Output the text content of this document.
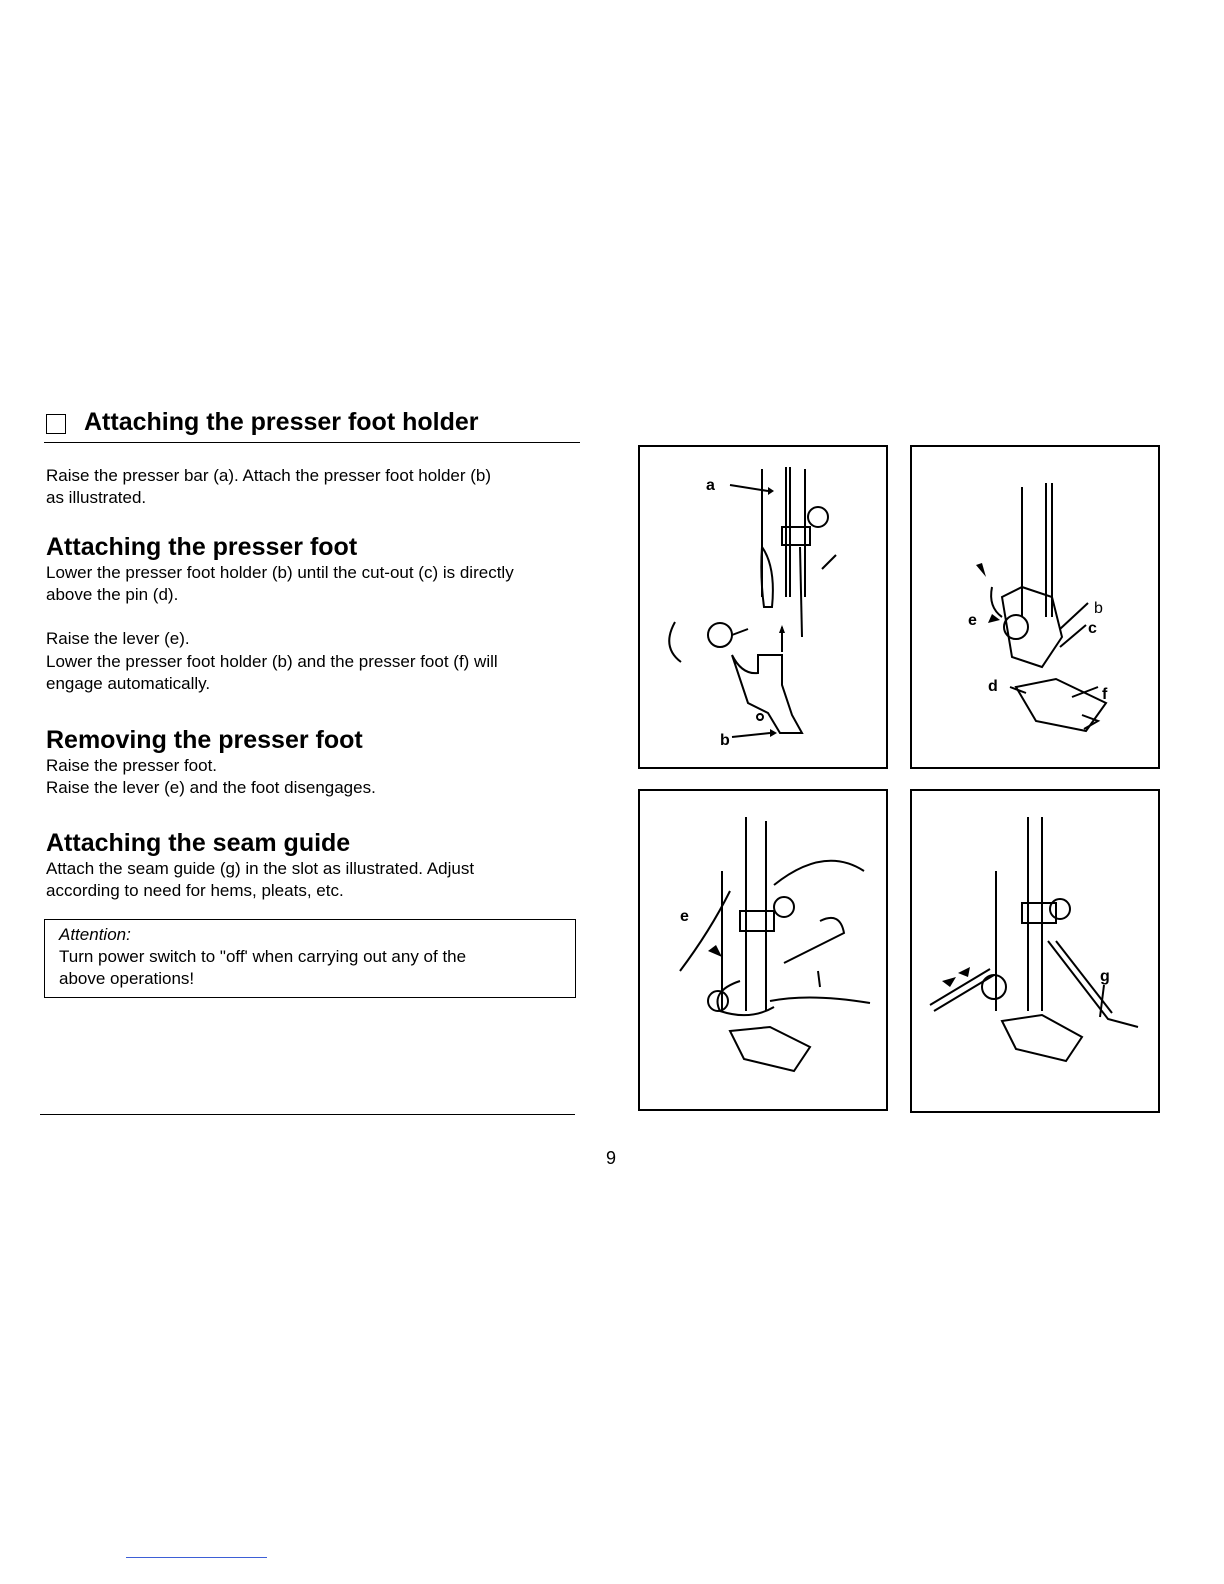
Attaching the presser foot holder
Raise the presser bar (a). Attach the presser foot holder (b)
as illustrated.
Attaching the presser foot
Lower the presser foot holder (b) until the cut-out (c) is directly
above the pin (d).
Raise the lever (e).
Lower the presser foot holder (b) and the presser foot (f) will
engage automatically.
Removing the presser foot
Raise the presser foot.
Raise the lever (e) and the foot disengages.
Attaching the seam guide
Attach the seam guide (g) in the slot as illustrated. Adjust
according to need for hems, pleats, etc.
Attention:
Turn power switch to "off' when carrying out any of the
above operations!
9
a
b
b
c
d
e
f
e
g
